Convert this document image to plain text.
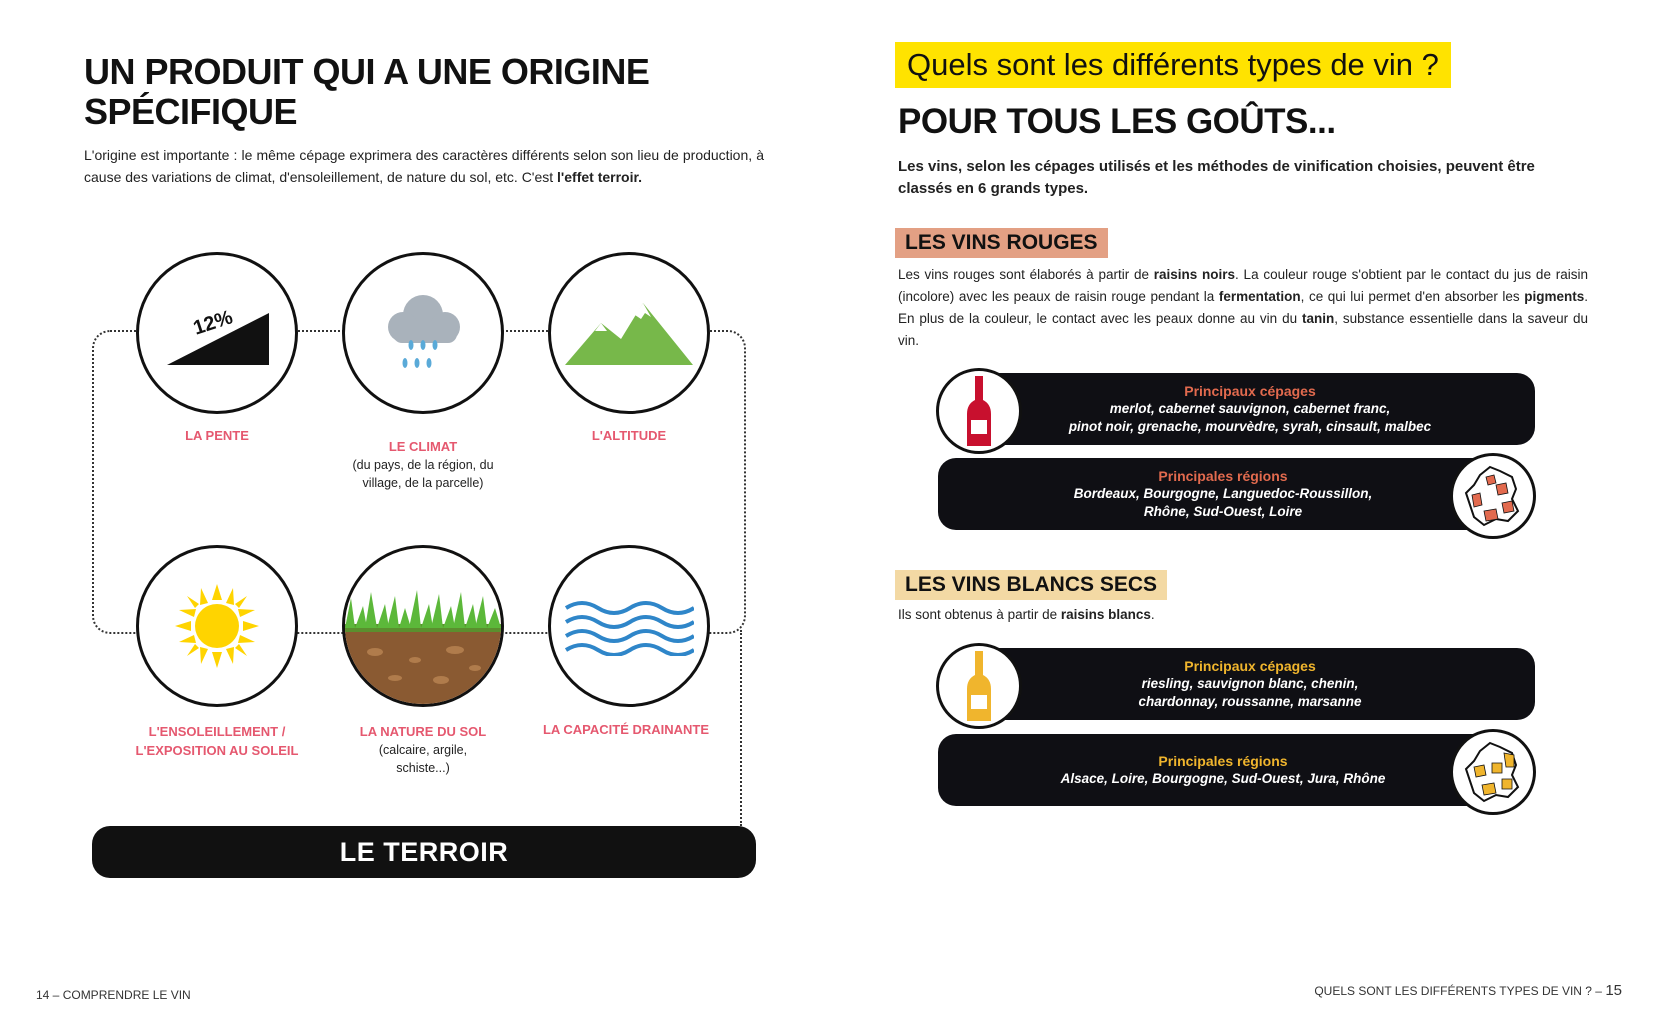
UN PRODUIT QUI A UNE ORIGINE
SPÉCIFIQUE
L'origine est importante : le même cépage exprimera des caractères différents selon son lieu de production, à cause des variations de climat, d'ensoleillement, de nature du sol, etc. C'est l'effet terroir.
12%
LA PENTE
LE CLIMAT
(du pays, de la région, du village, de la parcelle)
L'ALTITUDE
L'ENSOLEILLEMENT / L'EXPOSITION AU SOLEIL
LA NATURE DU SOL
(calcaire, argile, schiste...)
LA CAPACITÉ DRAINANTE
LE TERROIR
14 – COMPRENDRE LE VIN
Quels sont les différents types de vin ?
POUR TOUS LES GOÛTS...
Les vins, selon les cépages utilisés et les méthodes de vinification choisies, peuvent être classés en 6 grands types.
LES VINS ROUGES
Les vins rouges sont élaborés à partir de raisins noirs. La couleur rouge s'obtient par le contact du jus de raisin (incolore) avec les peaux de raisin rouge pendant la fermentation, ce qui lui permet d'en absorber les pigments. En plus de la couleur, le contact avec les peaux donne au vin du tanin, substance essentielle dans la saveur du vin.
Principaux cépages
merlot, cabernet sauvignon, cabernet franc,
pinot noir, grenache, mourvèdre, syrah, cinsault, malbec
Principales régions
Bordeaux, Bourgogne, Languedoc-Roussillon,
Rhône, Sud-Ouest, Loire
LES VINS BLANCS SECS
Ils sont obtenus à partir de raisins blancs.
Principaux cépages
riesling, sauvignon blanc, chenin,
chardonnay, roussanne, marsanne
Principales régions
Alsace, Loire, Bourgogne, Sud-Ouest, Jura, Rhône
QUELS SONT LES DIFFÉRENTS TYPES DE VIN ? – 15
